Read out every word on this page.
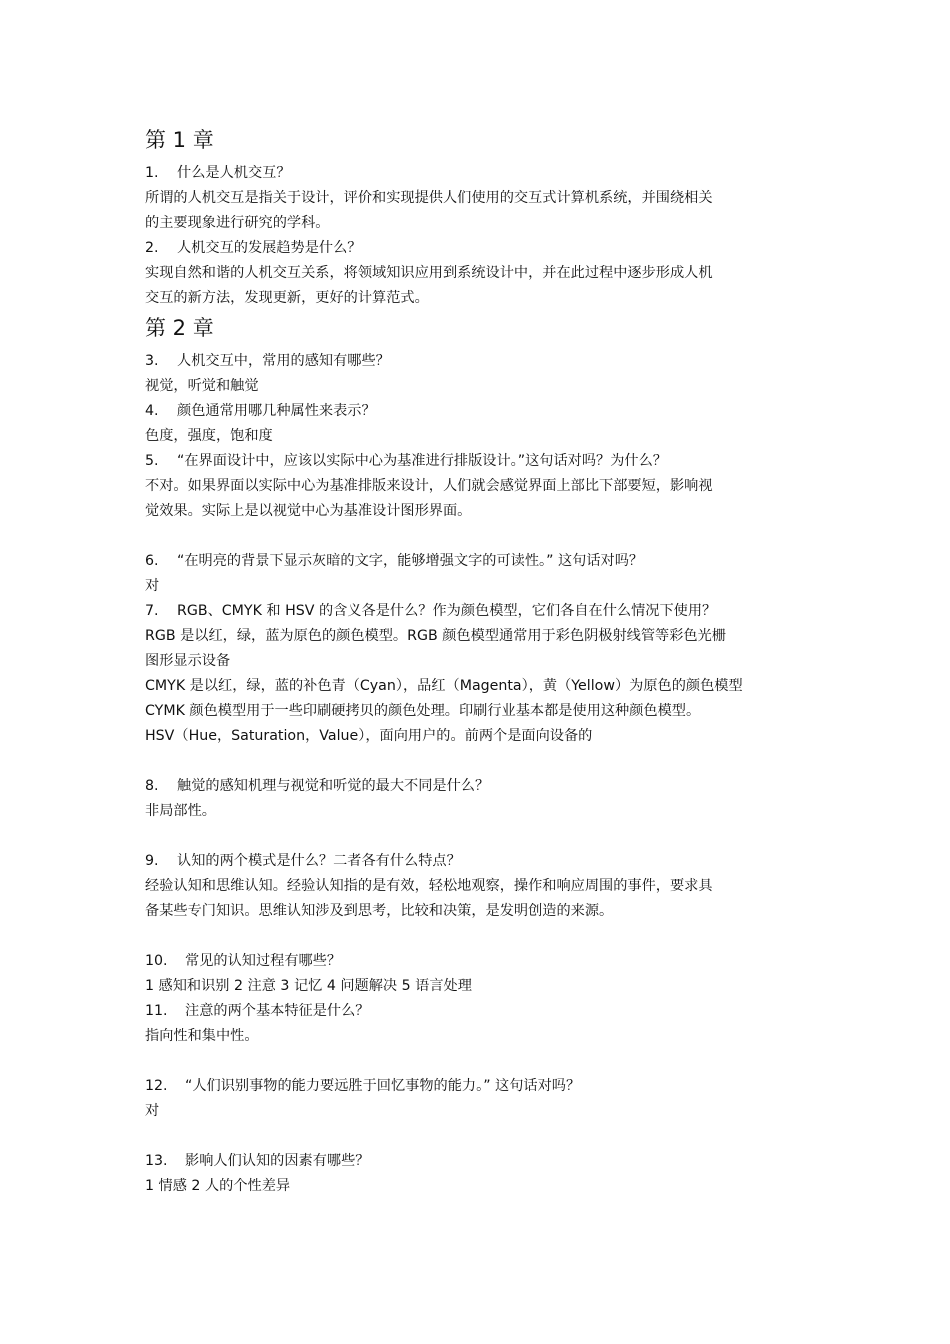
第 1 章

1. 什么是人机交互？

所谓的人机交互是指关于设计，评价和实现提供人们使用的交互式计算机系统，并围绕相关

的主要现象进行研究的学科。

2. 人机交互的发展趋势是什么？

实现自然和谐的人机交互关系，将领域知识应用到系统设计中，并在此过程中逐步形成人机

交互的新方法，发现更新，更好的计算范式。

第 2 章

3. 人机交互中，常用的感知有哪些？

视觉，听觉和触觉

4. 颜色通常用哪几种属性来表示？

色度，强度，饱和度

5. “在界面设计中，应该以实际中心为基准进行排版设计。”这句话对吗？为什么？

不对。如果界面以实际中心为基准排版来设计，人们就会感觉界面上部比下部要短，影响视

觉效果。实际上是以视觉中心为基准设计图形界面。

6. “在明亮的背景下显示灰暗的文字，能够增强文字的可读性。” 这句话对吗？

对

7. RGB、CMYK 和 HSV 的含义各是什么？作为颜色模型，它们各自在什么情况下使用？

RGB 是以红，绿，蓝为原色的颜色模型。RGB 颜色模型通常用于彩色阴极射线管等彩色光栅

图形显示设备

CMYK 是以红，绿，蓝的补色青（Cyan），品红（Magenta），黄（Yellow）为原色的颜色模型

CYMK 颜色模型用于一些印刷硬拷贝的颜色处理。印刷行业基本都是使用这种颜色模型。

HSV（Hue，Saturation，Value），面向用户的。前两个是面向设备的

8. 触觉的感知机理与视觉和听觉的最大不同是什么？

非局部性。

9. 认知的两个模式是什么？二者各有什么特点？

经验认知和思维认知。经验认知指的是有效，轻松地观察，操作和响应周围的事件，要求具

备某些专门知识。思维认知涉及到思考，比较和决策，是发明创造的来源。

10. 常见的认知过程有哪些？

1 感知和识别 2 注意 3 记忆 4 问题解决 5 语言处理

11. 注意的两个基本特征是什么？

指向性和集中性。

12. “人们识别事物的能力要远胜于回忆事物的能力。” 这句话对吗？

对

13. 影响人们认知的因素有哪些？

1 情感 2 人的个性差异
